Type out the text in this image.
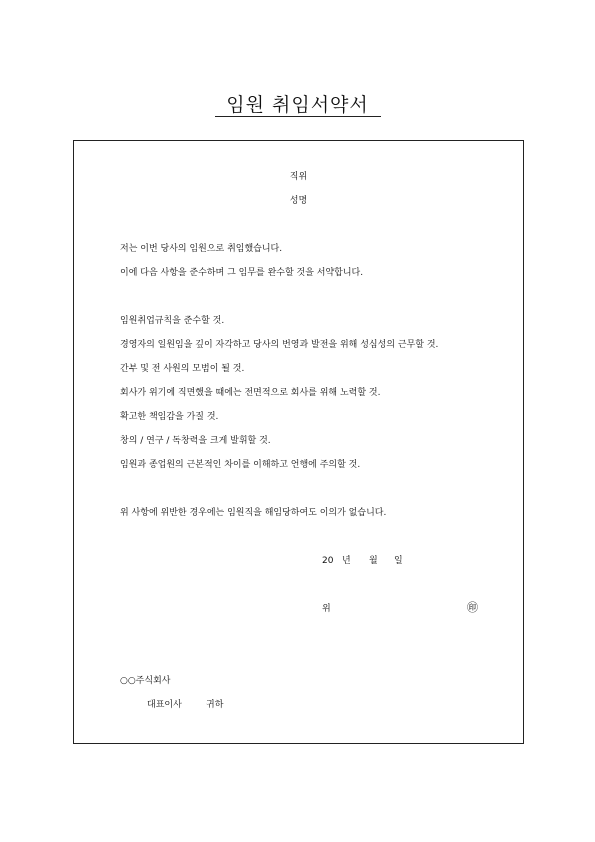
임원 취임서약서
직위
성명
저는 이번 당사의 임원으로 취임했습니다.
이에 다음 사항을 준수하며 그 임무를 완수할 것을 서약합니다.
임원취업규칙을 준수할 것.
경영자의 일원임을 깊이 자각하고 당사의 번영과 발전을 위해 성심성의 근무할 것.
간부 및 전 사원의 모범이 될 것.
회사가 위기에 직면했을 때에는 전면적으로 회사를 위해 노력할 것.
확고한 책임감을 가질 것.
창의 / 연구 / 독창력을 크게 발휘할 것.
임원과 종업원의 근본적인 차이를 이해하고 언행에 주의할 것.
위 사항에 위반한 경우에는 임원직을 해임당하여도 이의가 없습니다.
20 년 월 일
위
○○주식회사
대표이사	귀하
㊞
